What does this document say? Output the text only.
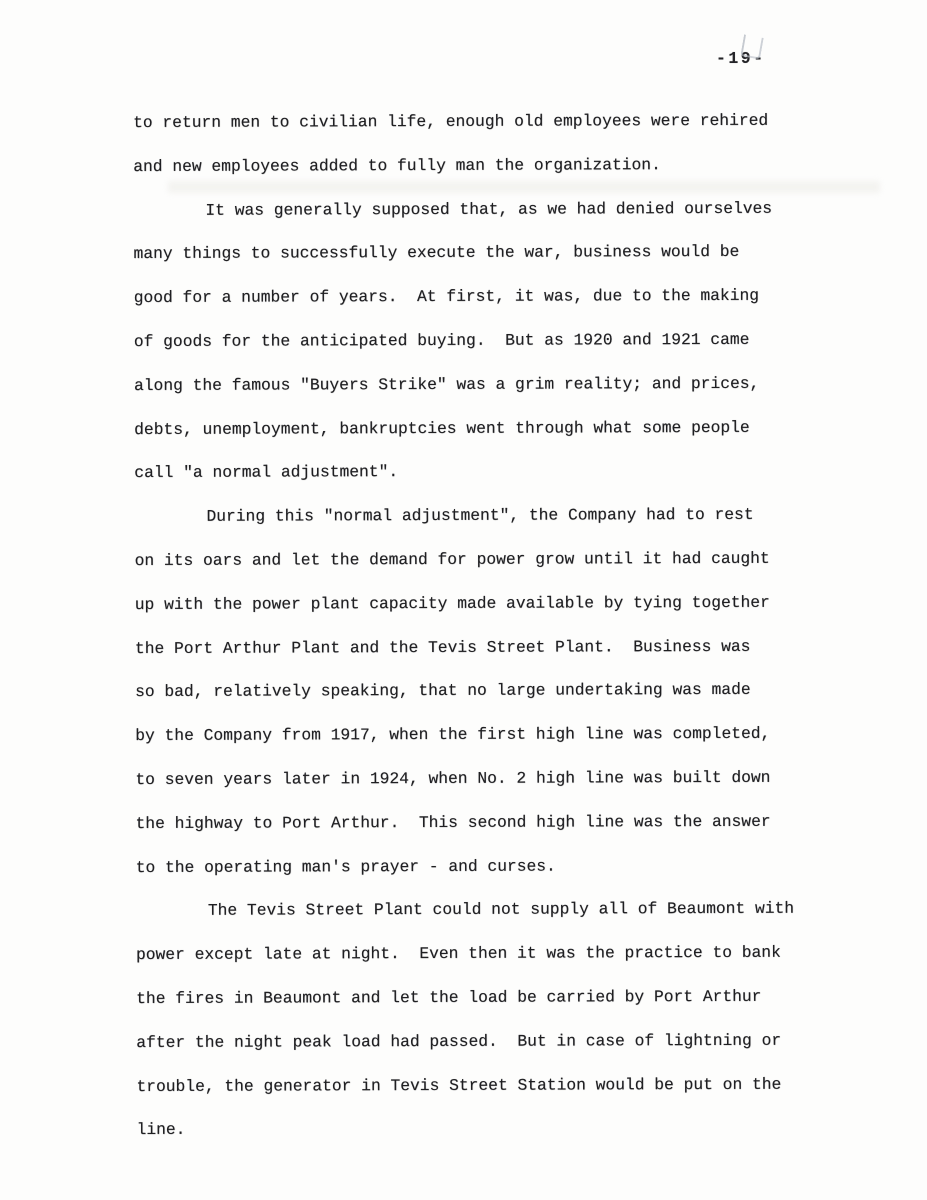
-19-
to return men to civilian life, enough old employees were rehired
and new employees added to fully man the organization.
It was generally supposed that, as we had denied ourselves
many things to successfully execute the war, business would be
good for a number of years.  At first, it was, due to the making
of goods for the anticipated buying.  But as 1920 and 1921 came
along the famous "Buyers Strike" was a grim reality; and prices,
debts, unemployment, bankruptcies went through what some people
call "a normal adjustment".
During this "normal adjustment", the Company had to rest
on its oars and let the demand for power grow until it had caught
up with the power plant capacity made available by tying together
the Port Arthur Plant and the Tevis Street Plant.  Business was
so bad, relatively speaking, that no large undertaking was made
by the Company from 1917, when the first high line was completed,
to seven years later in 1924, when No. 2 high line was built down
the highway to Port Arthur.  This second high line was the answer
to the operating man's prayer - and curses.
The Tevis Street Plant could not supply all of Beaumont with
power except late at night.  Even then it was the practice to bank
the fires in Beaumont and let the load be carried by Port Arthur
after the night peak load had passed.  But in case of lightning or
trouble, the generator in Tevis Street Station would be put on the
line.
